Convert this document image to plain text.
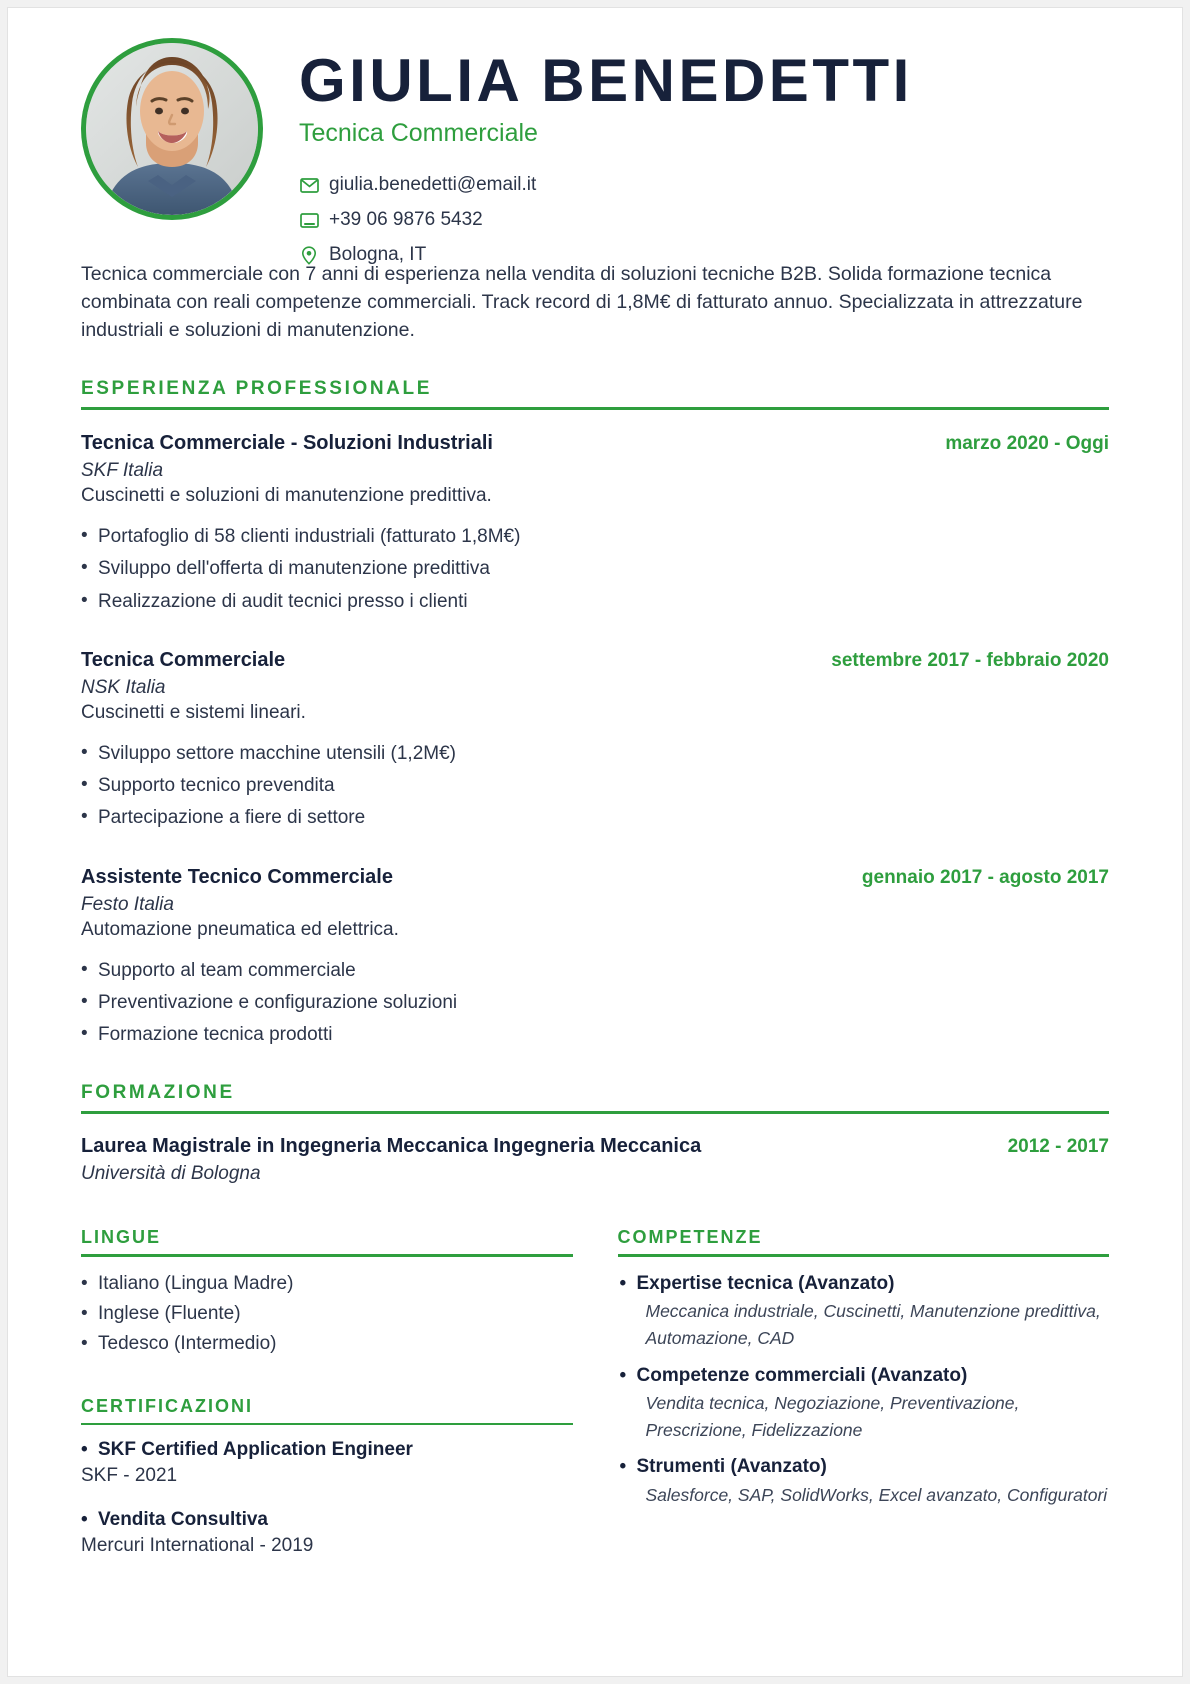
GIULIA BENEDETTI
Tecnica Commerciale
giulia.benedetti@email.it
+39 06 9876 5432
Bologna, IT
Tecnica commerciale con 7 anni di esperienza nella vendita di soluzioni tecniche B2B. Solida formazione tecnica combinata con reali competenze commerciali. Track record di 1,8M€ di fatturato annuo. Specializzata in attrezzature industriali e soluzioni di manutenzione.
ESPERIENZA PROFESSIONALE
Tecnica Commerciale - Soluzioni Industriali	marzo 2020 - Oggi
SKF Italia
Cuscinetti e soluzioni di manutenzione predittiva.
• Portafoglio di 58 clienti industriali (fatturato 1,8M€)
• Sviluppo dell'offerta di manutenzione predittiva
• Realizzazione di audit tecnici presso i clienti
Tecnica Commerciale	settembre 2017 - febbraio 2020
NSK Italia
Cuscinetti e sistemi lineari.
• Sviluppo settore macchine utensili (1,2M€)
• Supporto tecnico prevendita
• Partecipazione a fiere di settore
Assistente Tecnico Commerciale	gennaio 2017 - agosto 2017
Festo Italia
Automazione pneumatica ed elettrica.
• Supporto al team commerciale
• Preventivazione e configurazione soluzioni
• Formazione tecnica prodotti
FORMAZIONE
Laurea Magistrale in Ingegneria Meccanica Ingegneria Meccanica	2012 - 2017
Università di Bologna
LINGUE
• Italiano (Lingua Madre)
• Inglese (Fluente)
• Tedesco (Intermedio)
CERTIFICAZIONI
• SKF Certified Application Engineer
SKF - 2021
• Vendita Consultiva
Mercuri International - 2019
COMPETENZE
• Expertise tecnica (Avanzato)
Meccanica industriale, Cuscinetti, Manutenzione predittiva, Automazione, CAD
• Competenze commerciali (Avanzato)
Vendita tecnica, Negoziazione, Preventivazione, Prescrizione, Fidelizzazione
• Strumenti (Avanzato)
Salesforce, SAP, SolidWorks, Excel avanzato, Configuratori
